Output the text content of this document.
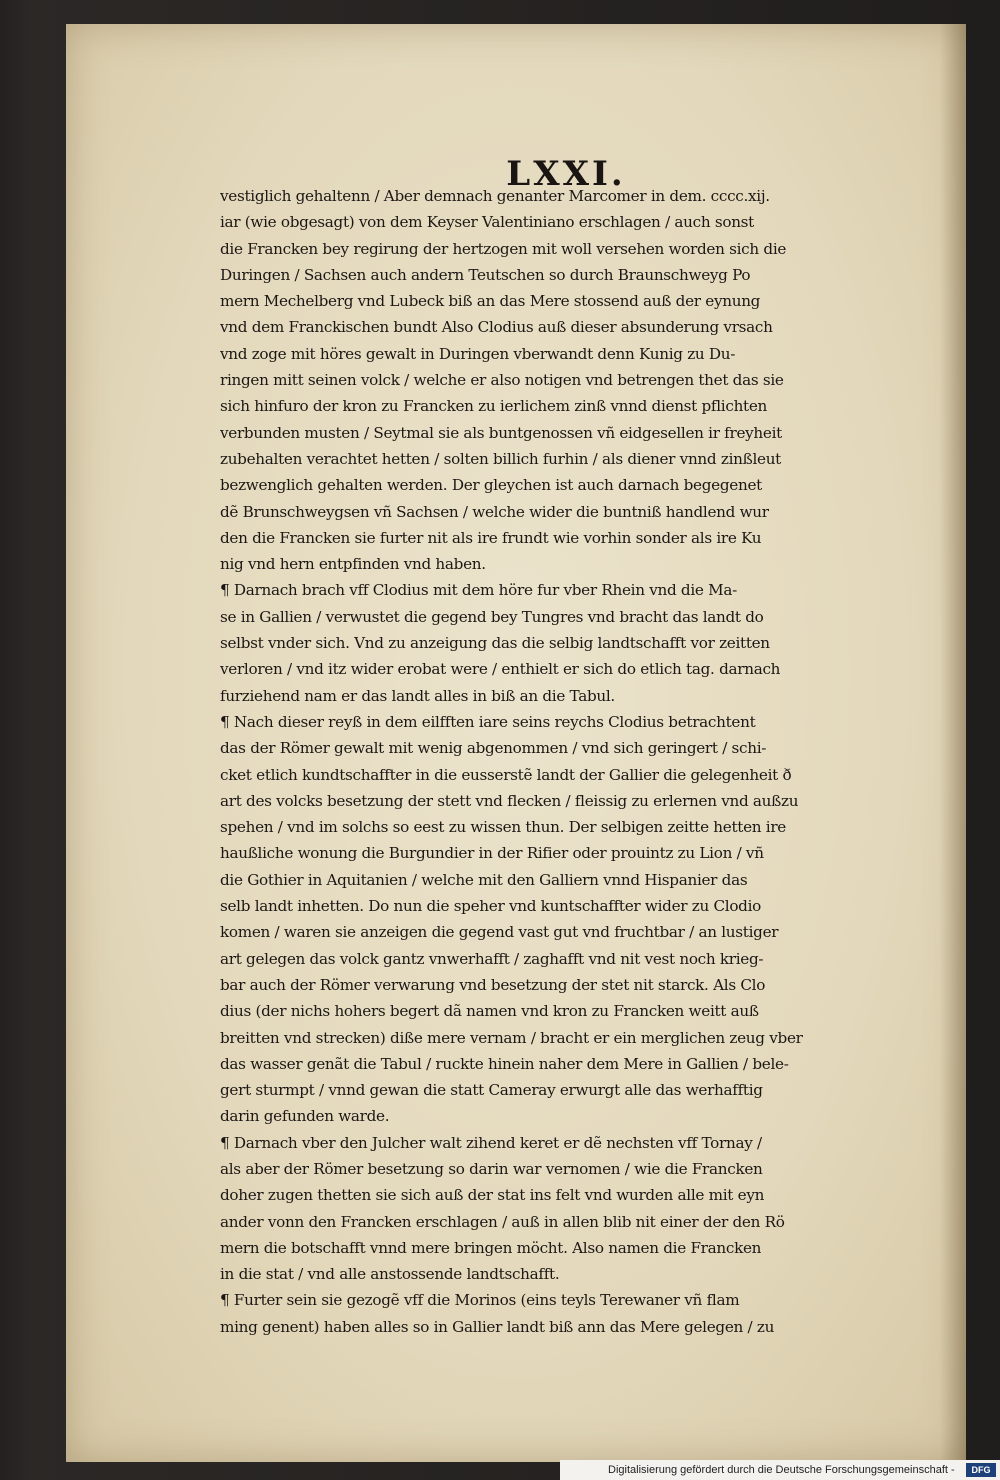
LXXI.
vestiglich gehaltenn / Aber demnach genanter Marcomer in dem. cccc.xij.
iar (wie obgesagt) von dem Keyser Valentiniano erschlagen / auch sonst
die Francken bey regirung der hertzogen mit woll versehen worden sich die
Duringen / Sachsen auch andern Teutschen so durch Braunschweyg Po
mern Mechelberg vnd Lubeck biß an das Mere stossend auß der eynung
vnd dem Franckischen bundt Also Clodius auß dieser absunderung vrsach
vnd zoge mit höres gewalt in Duringen vberwandt denn Kunig zu Du-
ringen mitt seinen volck / welche er also notigen vnd betrengen thet das sie
sich hinfuro der kron zu Francken zu ierlichem zinß vnnd dienst pflichten
verbunden musten / Seytmal sie als buntgenossen vñ eidgesellen ir freyheit
zubehalten verachtet hetten / solten billich furhin / als diener vnnd zinßleut
bezwenglich gehalten werden. Der gleychen ist auch darnach begegenet
dẽ Brunschweygsen vñ Sachsen / welche wider die buntniß handlend wur
den die Francken sie furter nit als ire frundt wie vorhin sonder als ire Ku
nig vnd hern entpfinden vnd haben.
¶ Darnach brach vff Clodius mit dem höre fur vber Rhein vnd die Ma-
se in Gallien / verwustet die gegend bey Tungres vnd bracht das landt do
selbst vnder sich. Vnd zu anzeigung das die selbig landtschafft vor zeitten
verloren / vnd itz wider erobat were / enthielt er sich do etlich tag. darnach
furziehend nam er das landt alles in biß an die Tabul.
¶ Nach dieser reyß in dem eilfften iare seins reychs Clodius betrachtent
das der Römer gewalt mit wenig abgenommen / vnd sich geringert / schi-
cket etlich kundtschaffter in die eusserstẽ landt der Gallier die gelegenheit ð
art des volcks besetzung der stett vnd flecken / fleissig zu erlernen vnd außzu
spehen / vnd im solchs so eest zu wissen thun. Der selbigen zeitte hetten ire
haußliche wonung die Burgundier in der Rifier oder prouintz zu Lion / vñ
die Gothier in Aquitanien / welche mit den Galliern vnnd Hispanier das
selb landt inhetten. Do nun die speher vnd kuntschaffter wider zu Clodio
komen / waren sie anzeigen die gegend vast gut vnd fruchtbar / an lustiger
art gelegen das volck gantz vnwerhafft / zaghafft vnd nit vest noch krieg-
bar auch der Römer verwarung vnd besetzung der stet nit starck. Als Clo
dius (der nichs hohers begert dã namen vnd kron zu Francken weitt auß
breitten vnd strecken) diße mere vernam / bracht er ein merglichen zeug vber
das wasser genãt die Tabul / ruckte hinein naher dem Mere in Gallien / bele-
gert sturmpt / vnnd gewan die statt Cameray erwurgt alle das werhafftig
darin gefunden warde.
¶ Darnach vber den Julcher walt zihend keret er dẽ nechsten vff Tornay /
als aber der Römer besetzung so darin war vernomen / wie die Francken
doher zugen thetten sie sich auß der stat ins felt vnd wurden alle mit eyn
ander vonn den Francken erschlagen / auß in allen blib nit einer der den Rö
mern die botschafft vnnd mere bringen möcht. Also namen die Francken
in die stat / vnd alle anstossende landtschafft.
¶ Furter sein sie gezogẽ vff die Morinos (eins teyls Terewaner vñ flam
ming genent) haben alles so in Gallier landt biß ann das Mere gelegen / zu
Digitalisierung gefördert durch die Deutsche Forschungsgemeinschaft -	DFG
